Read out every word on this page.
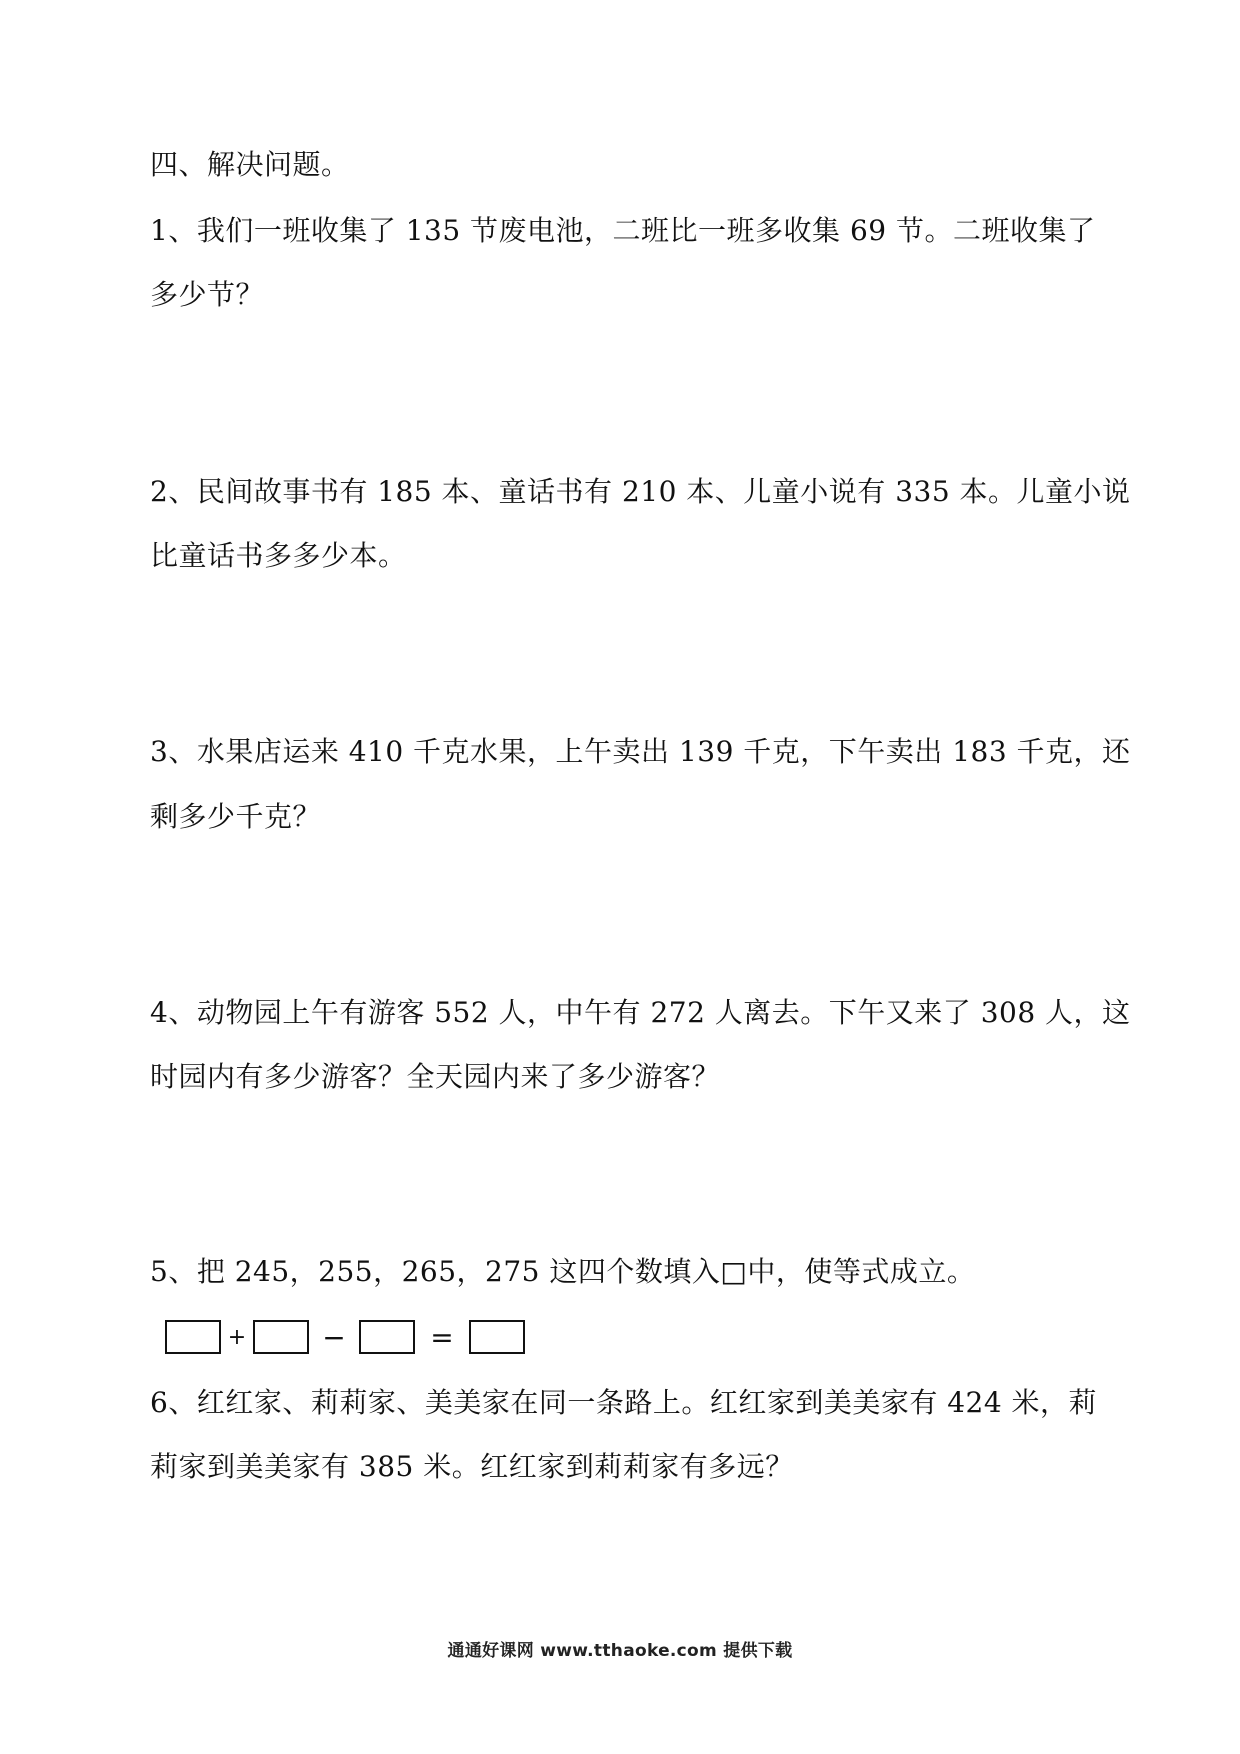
四、解决问题。
1、我们一班收集了 135 节废电池，二班比一班多收集 69 节。二班收集了
多少节？
2、民间故事书有 185 本、童话书有 210 本、儿童小说有 335 本。儿童小说
比童话书多多少本。
3、水果店运来 410 千克水果，上午卖出 139 千克，下午卖出 183 千克，还
剩多少千克？
4、动物园上午有游客 552 人，中午有 272 人离去。下午又来了 308 人，这
时园内有多少游客？全天园内来了多少游客？
5、把 245，255，265，275 这四个数填入□中，使等式成立。
+	−	=
6、红红家、莉莉家、美美家在同一条路上。红红家到美美家有 424 米，莉
莉家到美美家有 385 米。红红家到莉莉家有多远？
通通好课网 www.tthaoke.com 提供下载
